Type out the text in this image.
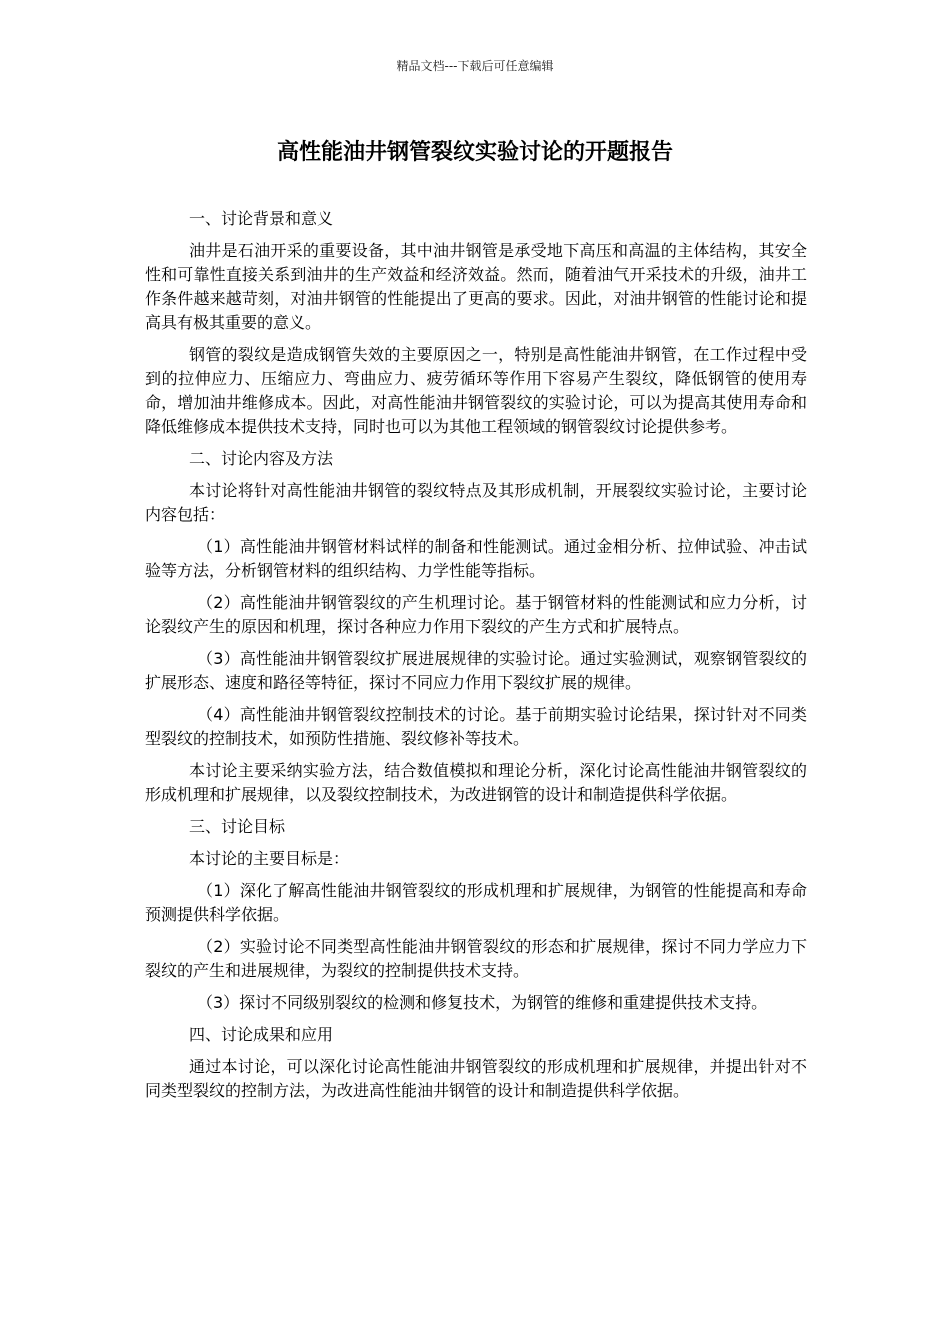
精品文档---下载后可任意编辑
高性能油井钢管裂纹实验讨论的开题报告

一、讨论背景和意义

油井是石油开采的重要设备，其中油井钢管是承受地下高压和高温的主体结构，其安全性和可靠性直接关系到油井的生产效益和经济效益。然而，随着油气开采技术的升级，油井工作条件越来越苛刻，对油井钢管的性能提出了更高的要求。因此，对油井钢管的性能讨论和提高具有极其重要的意义。

钢管的裂纹是造成钢管失效的主要原因之一，特别是高性能油井钢管，在工作过程中受到的拉伸应力、压缩应力、弯曲应力、疲劳循环等作用下容易产生裂纹，降低钢管的使用寿命，增加油井维修成本。因此，对高性能油井钢管裂纹的实验讨论，可以为提高其使用寿命和降低维修成本提供技术支持，同时也可以为其他工程领域的钢管裂纹讨论提供参考。

二、讨论内容及方法

本讨论将针对高性能油井钢管的裂纹特点及其形成机制，开展裂纹实验讨论，主要讨论内容包括：

（1）高性能油井钢管材料试样的制备和性能测试。通过金相分析、拉伸试验、冲击试验等方法，分析钢管材料的组织结构、力学性能等指标。

（2）高性能油井钢管裂纹的产生机理讨论。基于钢管材料的性能测试和应力分析，讨论裂纹产生的原因和机理，探讨各种应力作用下裂纹的产生方式和扩展特点。

（3）高性能油井钢管裂纹扩展进展规律的实验讨论。通过实验测试，观察钢管裂纹的扩展形态、速度和路径等特征，探讨不同应力作用下裂纹扩展的规律。

（4）高性能油井钢管裂纹控制技术的讨论。基于前期实验讨论结果，探讨针对不同类型裂纹的控制技术，如预防性措施、裂纹修补等技术。

本讨论主要采纳实验方法，结合数值模拟和理论分析，深化讨论高性能油井钢管裂纹的形成机理和扩展规律，以及裂纹控制技术，为改进钢管的设计和制造提供科学依据。

三、讨论目标

本讨论的主要目标是：

（1）深化了解高性能油井钢管裂纹的形成机理和扩展规律，为钢管的性能提高和寿命预测提供科学依据。

（2）实验讨论不同类型高性能油井钢管裂纹的形态和扩展规律，探讨不同力学应力下裂纹的产生和进展规律，为裂纹的控制提供技术支持。

（3）探讨不同级别裂纹的检测和修复技术，为钢管的维修和重建提供技术支持。

四、讨论成果和应用

通过本讨论，可以深化讨论高性能油井钢管裂纹的形成机理和扩展规律，并提出针对不同类型裂纹的控制方法，为改进高性能油井钢管的设计和制造提供科学依据。
